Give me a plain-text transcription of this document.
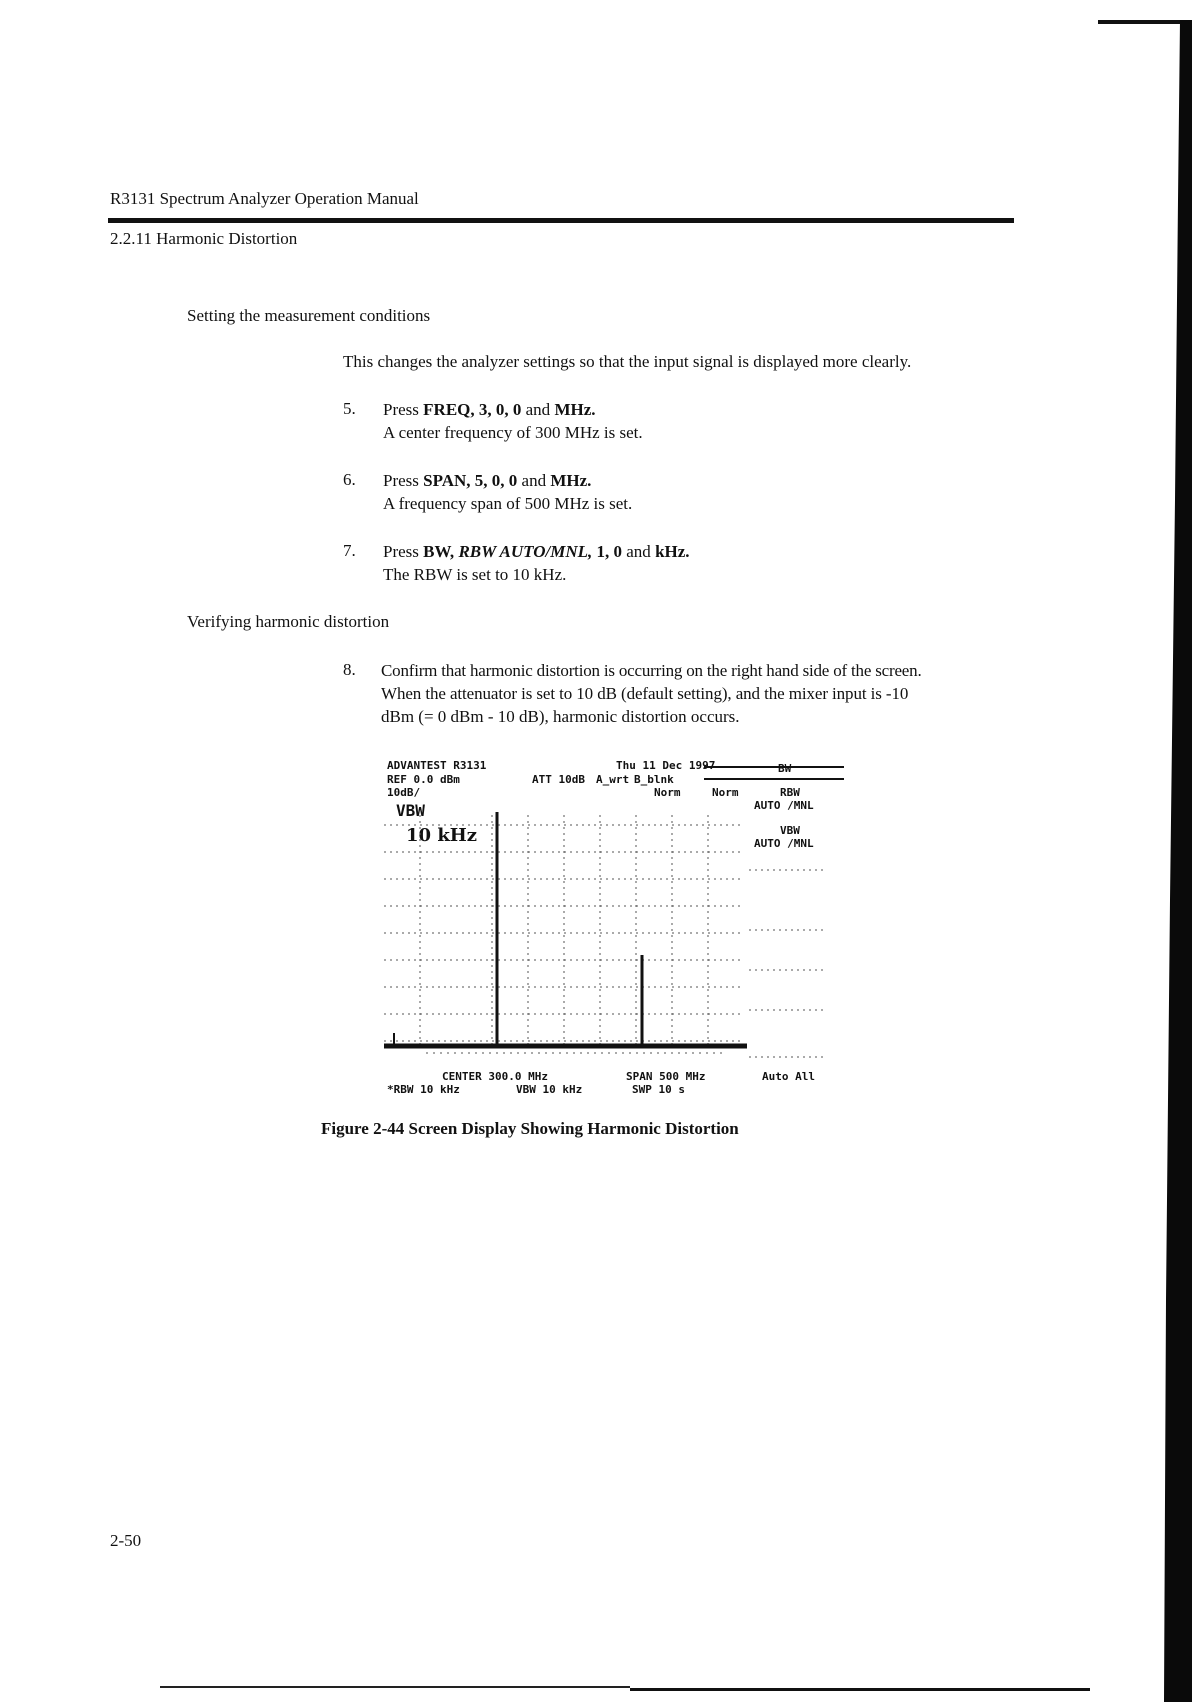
R3131 Spectrum Analyzer Operation Manual
2.2.11 Harmonic Distortion
Setting the measurement conditions
This changes the analyzer settings so that the input signal is displayed more clearly.
5. Press FREQ, 3, 0, 0 and MHz.
A center frequency of 300 MHz is set.
6. Press SPAN, 5, 0, 0 and MHz.
A frequency span of 500 MHz is set.
7. Press BW, RBW AUTO/MNL, 1, 0 and kHz.
The RBW is set to 10 kHz.
Verifying harmonic distortion
8. Confirm that harmonic distortion is occurring on the right hand side of the screen.
When the attenuator is set to 10 dB (default setting), and the mixer input is -10
dBm (= 0 dBm - 10 dB), harmonic distortion occurs.
ADVANTEST R3131	Thu 11 Dec 1997
REF 0.0 dBm	ATT 10dB A_wrt B_blnk
10dB/	Norm	Norm
BW
RBW
AUTO /MNL
VBW
AUTO /MNL
Auto All
VBW
10 kHz
CENTER 300.0 MHz	SPAN 500 MHz
*RBW 10 kHz	VBW 10 kHz	SWP 10 s
Figure 2-44 Screen Display Showing Harmonic Distortion
2-50
